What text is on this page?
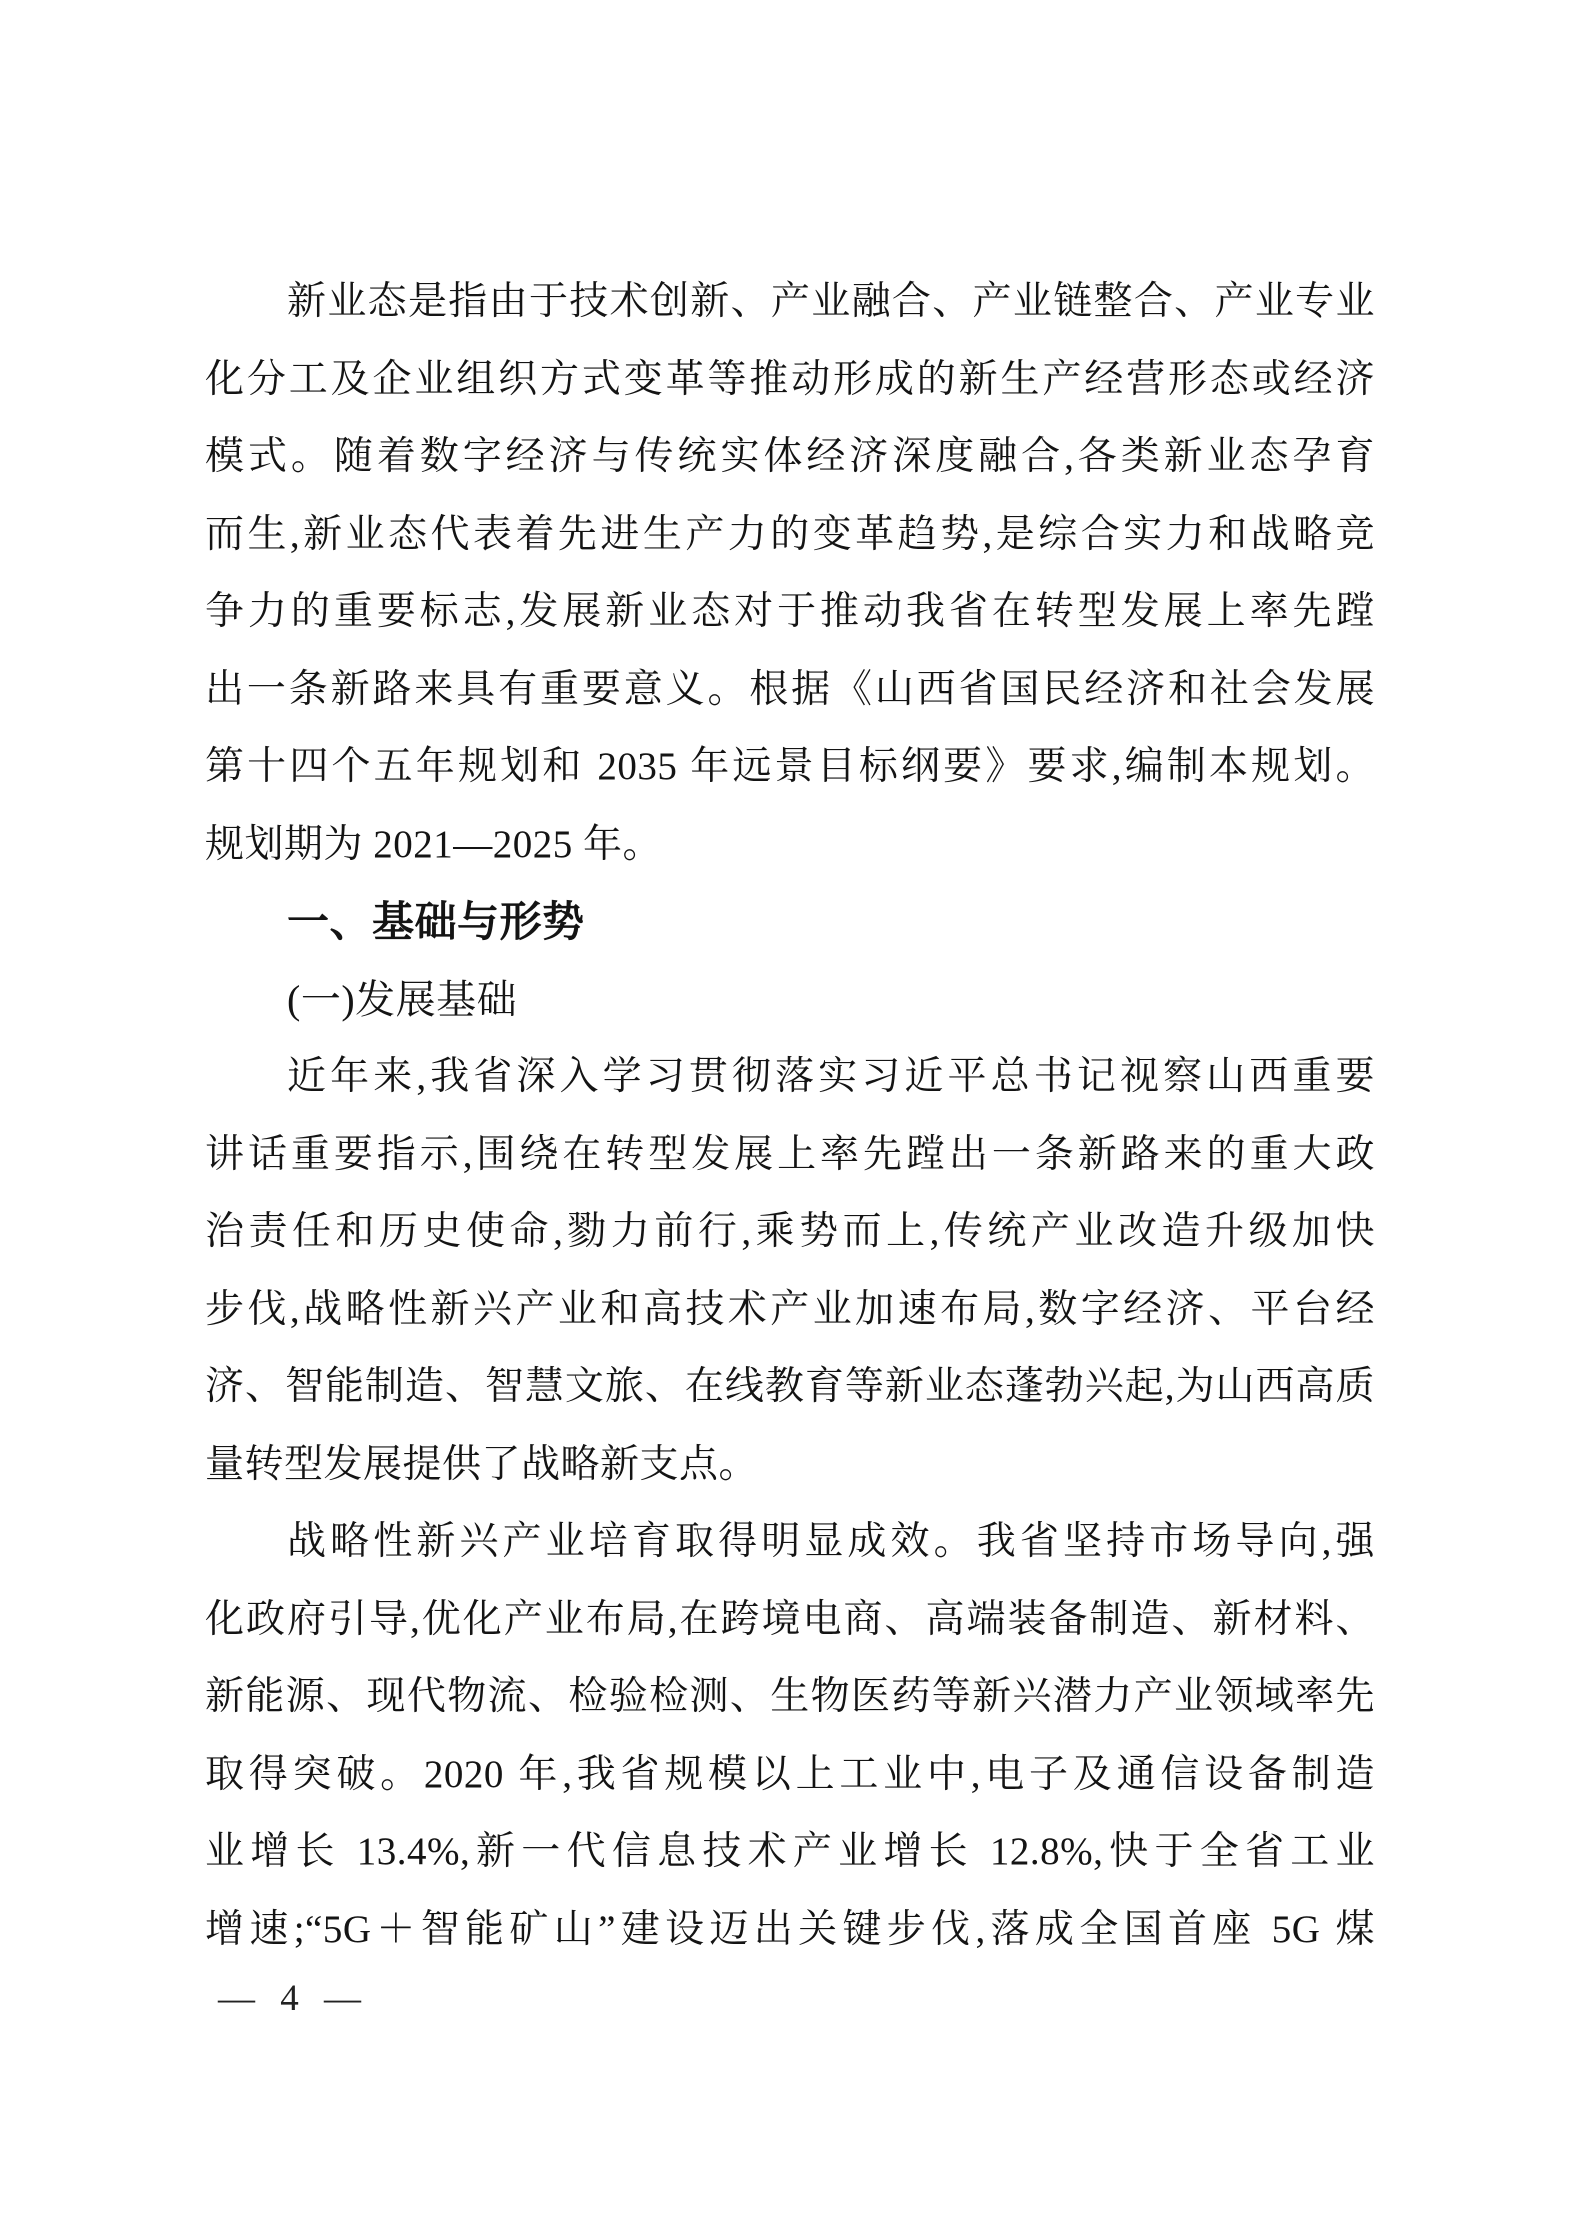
新业态是指由于技术创新、产业融合、产业链整合、产业专业
化分工及企业组织方式变革等推动形成的新生产经营形态或经济
模式。随着数字经济与传统实体经济深度融合,各类新业态孕育
而生,新业态代表着先进生产力的变革趋势,是综合实力和战略竞
争力的重要标志,发展新业态对于推动我省在转型发展上率先蹚
出一条新路来具有重要意义。根据《山西省国民经济和社会发展
第十四个五年规划和 2035 年远景目标纲要》要求,编制本规划。
规划期为 2021—2025 年。
一、基础与形势
(一)发展基础
近年来,我省深入学习贯彻落实习近平总书记视察山西重要
讲话重要指示,围绕在转型发展上率先蹚出一条新路来的重大政
治责任和历史使命,勠力前行,乘势而上,传统产业改造升级加快
步伐,战略性新兴产业和高技术产业加速布局,数字经济、平台经
济、智能制造、智慧文旅、在线教育等新业态蓬勃兴起,为山西高质
量转型发展提供了战略新支点。
战略性新兴产业培育取得明显成效。我省坚持市场导向,强
化政府引导,优化产业布局,在跨境电商、高端装备制造、新材料、
新能源、现代物流、检验检测、生物医药等新兴潜力产业领域率先
取得突破。2020 年,我省规模以上工业中,电子及通信设备制造
业增长 13.4%,新一代信息技术产业增长 12.8%,快于全省工业
增速;“5G＋智能矿山”建设迈出关键步伐,落成全国首座 5G 煤
— 4 —
